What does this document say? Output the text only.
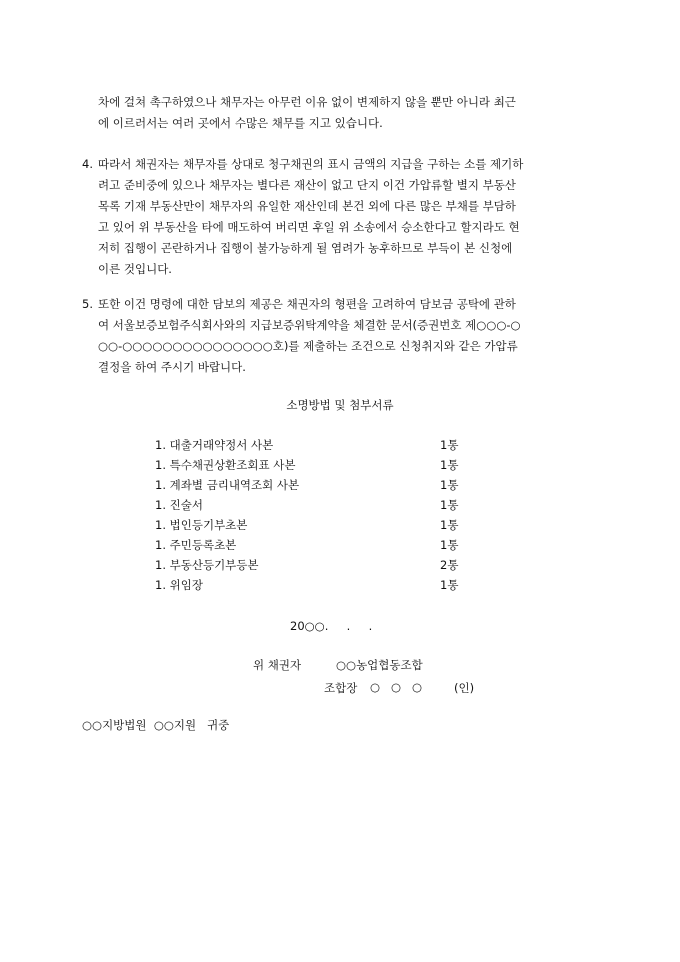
차에 걸쳐 촉구하였으나 채무자는 아무런 이유 없이 변제하지 않을 뿐만 아니라 최근
에 이르러서는 여러 곳에서 수많은 채무를 지고 있습니다.
4. 따라서 채권자는 채무자를 상대로 청구채권의 표시 금액의 지급을 구하는 소를 제기하
려고 준비중에 있으나 채무자는 별다른 재산이 없고 단지 이건 가압류할 별지 부동산
목록 기재 부동산만이 채무자의 유일한 재산인데 본건 외에 다른 많은 부채를 부담하
고 있어 위 부동산을 타에 매도하여 버리면 후일 위 소송에서 승소한다고 할지라도 현
저히 집행이 곤란하거나 집행이 불가능하게 될 염려가 농후하므로 부득이 본 신청에
이른 것입니다.
5. 또한 이건 명령에 대한 담보의 제공은 채권자의 형편을 고려하여 담보금 공탁에 관하
여 서울보증보험주식회사와의 지급보증위탁계약을 체결한 문서(증권번호 제○○○-○
○○-○○○○○○○○○○○○○○○호)를 제출하는 조건으로 신청취지와 같은 가압류
결정을 하여 주시기 바랍니다.
소명방법 및 첨부서류
1. 대출거래약정서 사본	1통
1. 특수채권상환조회표 사본	1통
1. 계좌별 금리내역조회 사본	1통
1. 진술서	1통
1. 법인등기부초본	1통
1. 주민등록초본	1통
1. 부동산등기부등본	2통
1. 위임장	1통
20○○.     .     .
위 채권자	○○농업협동조합
조합장 ○   ○   ○	(인)
○○지방법원  ○○지원   귀중
